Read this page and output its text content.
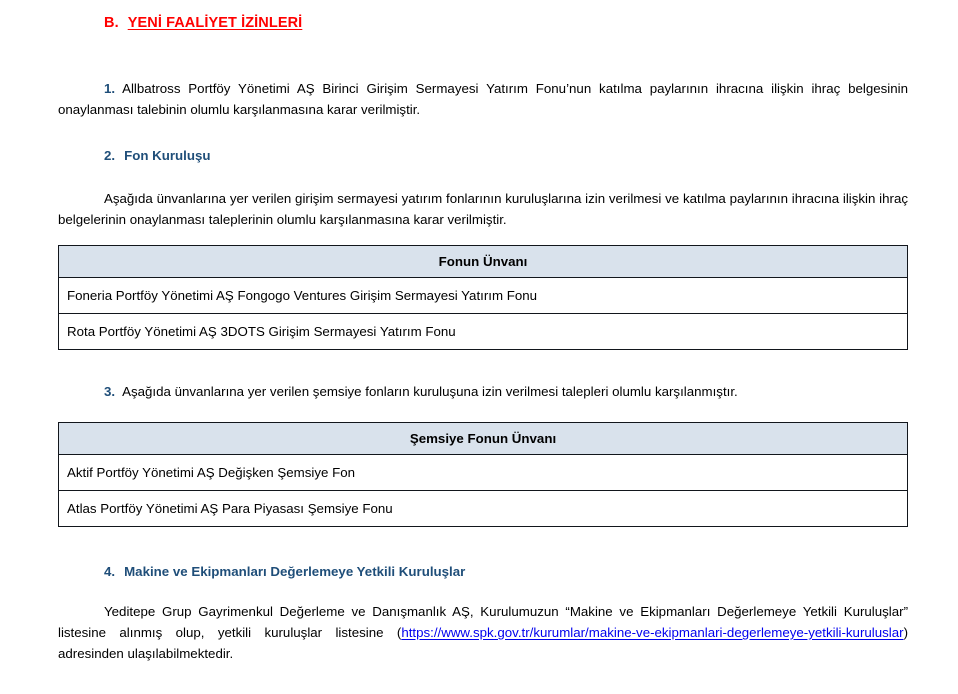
B. YENİ FAALİYET İZİNLERİ
1. Allbatross Portföy Yönetimi AŞ Birinci Girişim Sermayesi Yatırım Fonu’nun katılma paylarının ihracına ilişkin ihraç belgesinin onaylanması talebinin olumlu karşılanmasına karar verilmiştir.
2. Fon Kuruluşu
Aşağıda ünvanlarına yer verilen girişim sermayesi yatırım fonlarının kuruluşlarına izin verilmesi ve katılma paylarının ihracına ilişkin ihraç belgelerinin onaylanması taleplerinin olumlu karşılanmasına karar verilmiştir.
Fonun Ünvanı
Foneria Portföy Yönetimi AŞ Fongogo Ventures Girişim Sermayesi Yatırım Fonu
Rota Portföy Yönetimi AŞ 3DOTS Girişim Sermayesi Yatırım Fonu
3. Aşağıda ünvanlarına yer verilen şemsiye fonların kuruluşuna izin verilmesi talepleri olumlu karşılanmıştır.
Şemsiye Fonun Ünvanı
Aktif Portföy Yönetimi AŞ Değişken Şemsiye Fon
Atlas Portföy Yönetimi AŞ Para Piyasası Şemsiye Fonu
4. Makine ve Ekipmanları Değerlemeye Yetkili Kuruluşlar
Yeditepe Grup Gayrimenkul Değerleme ve Danışmanlık AŞ, Kurulumuzun “Makine ve Ekipmanları Değerlemeye Yetkili Kuruluşlar” listesine alınmış olup, yetkili kuruluşlar listesine (https://www.spk.gov.tr/kurumlar/makine-ve-ekipmanlari-degerlemeye-yetkili-kuruluslar) adresinden ulaşılabilmektedir.
